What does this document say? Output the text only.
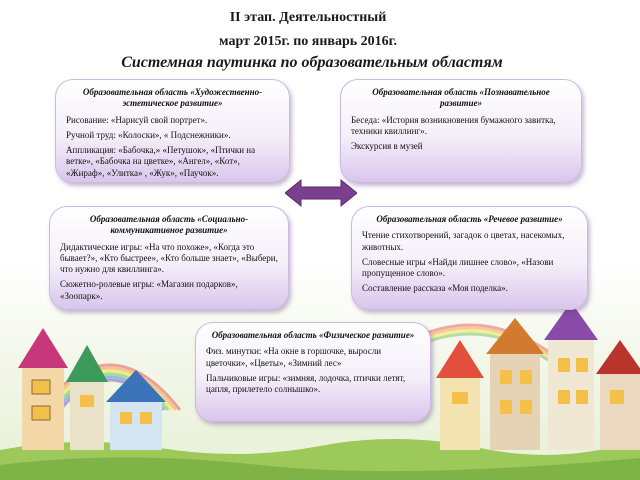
II этап. Деятельностный
март 2015г. по январь 2016г.
Системная паутинка по образовательным областям
Образовательная область «Художественно-эстетическое развитие»

Рисование: «Нарисуй свой портрет».

Ручной труд: «Колоски», « Подснежники».

Аппликация: «Бабочка,» «Петушок», «Птички на ветке», «Бабочка на цветке», «Ангел», «Кот», «Жираф», «Улитка» , «Жук», «Паучок».

Образовательная область «Познавательное развитие»

Беседа: «История возникновения бумажного завитка, техники квиллинг».

Экскурсия в музей

Образовательная область «Социально-коммуникативное развитие»

Дидактические игры: «На что похоже», «Когда это бывает?», «Кто быстрее», «Кто больше знает», «Выбери, что нужно для квиллинга».

Сюжетно-ролевые игры: «Магазин подарков», «Зоопарк».

Образовательная область «Речевое развитие»

Чтение стихотворений, загадок о цветах, насекомых, животных.

Словесные игры «Найди лишнее слово», «Назови пропущенное слово».

Составление рассказа «Моя поделка».

Образовательная область «Физическое развитие»

Физ. минутки: «На окне в горшочке, выросли цветочки», «Цветы», «Зимний лес»

Пальчиковые игры: «зимняя, лодочка, птички летят, цапля, прилетело солнышко».
